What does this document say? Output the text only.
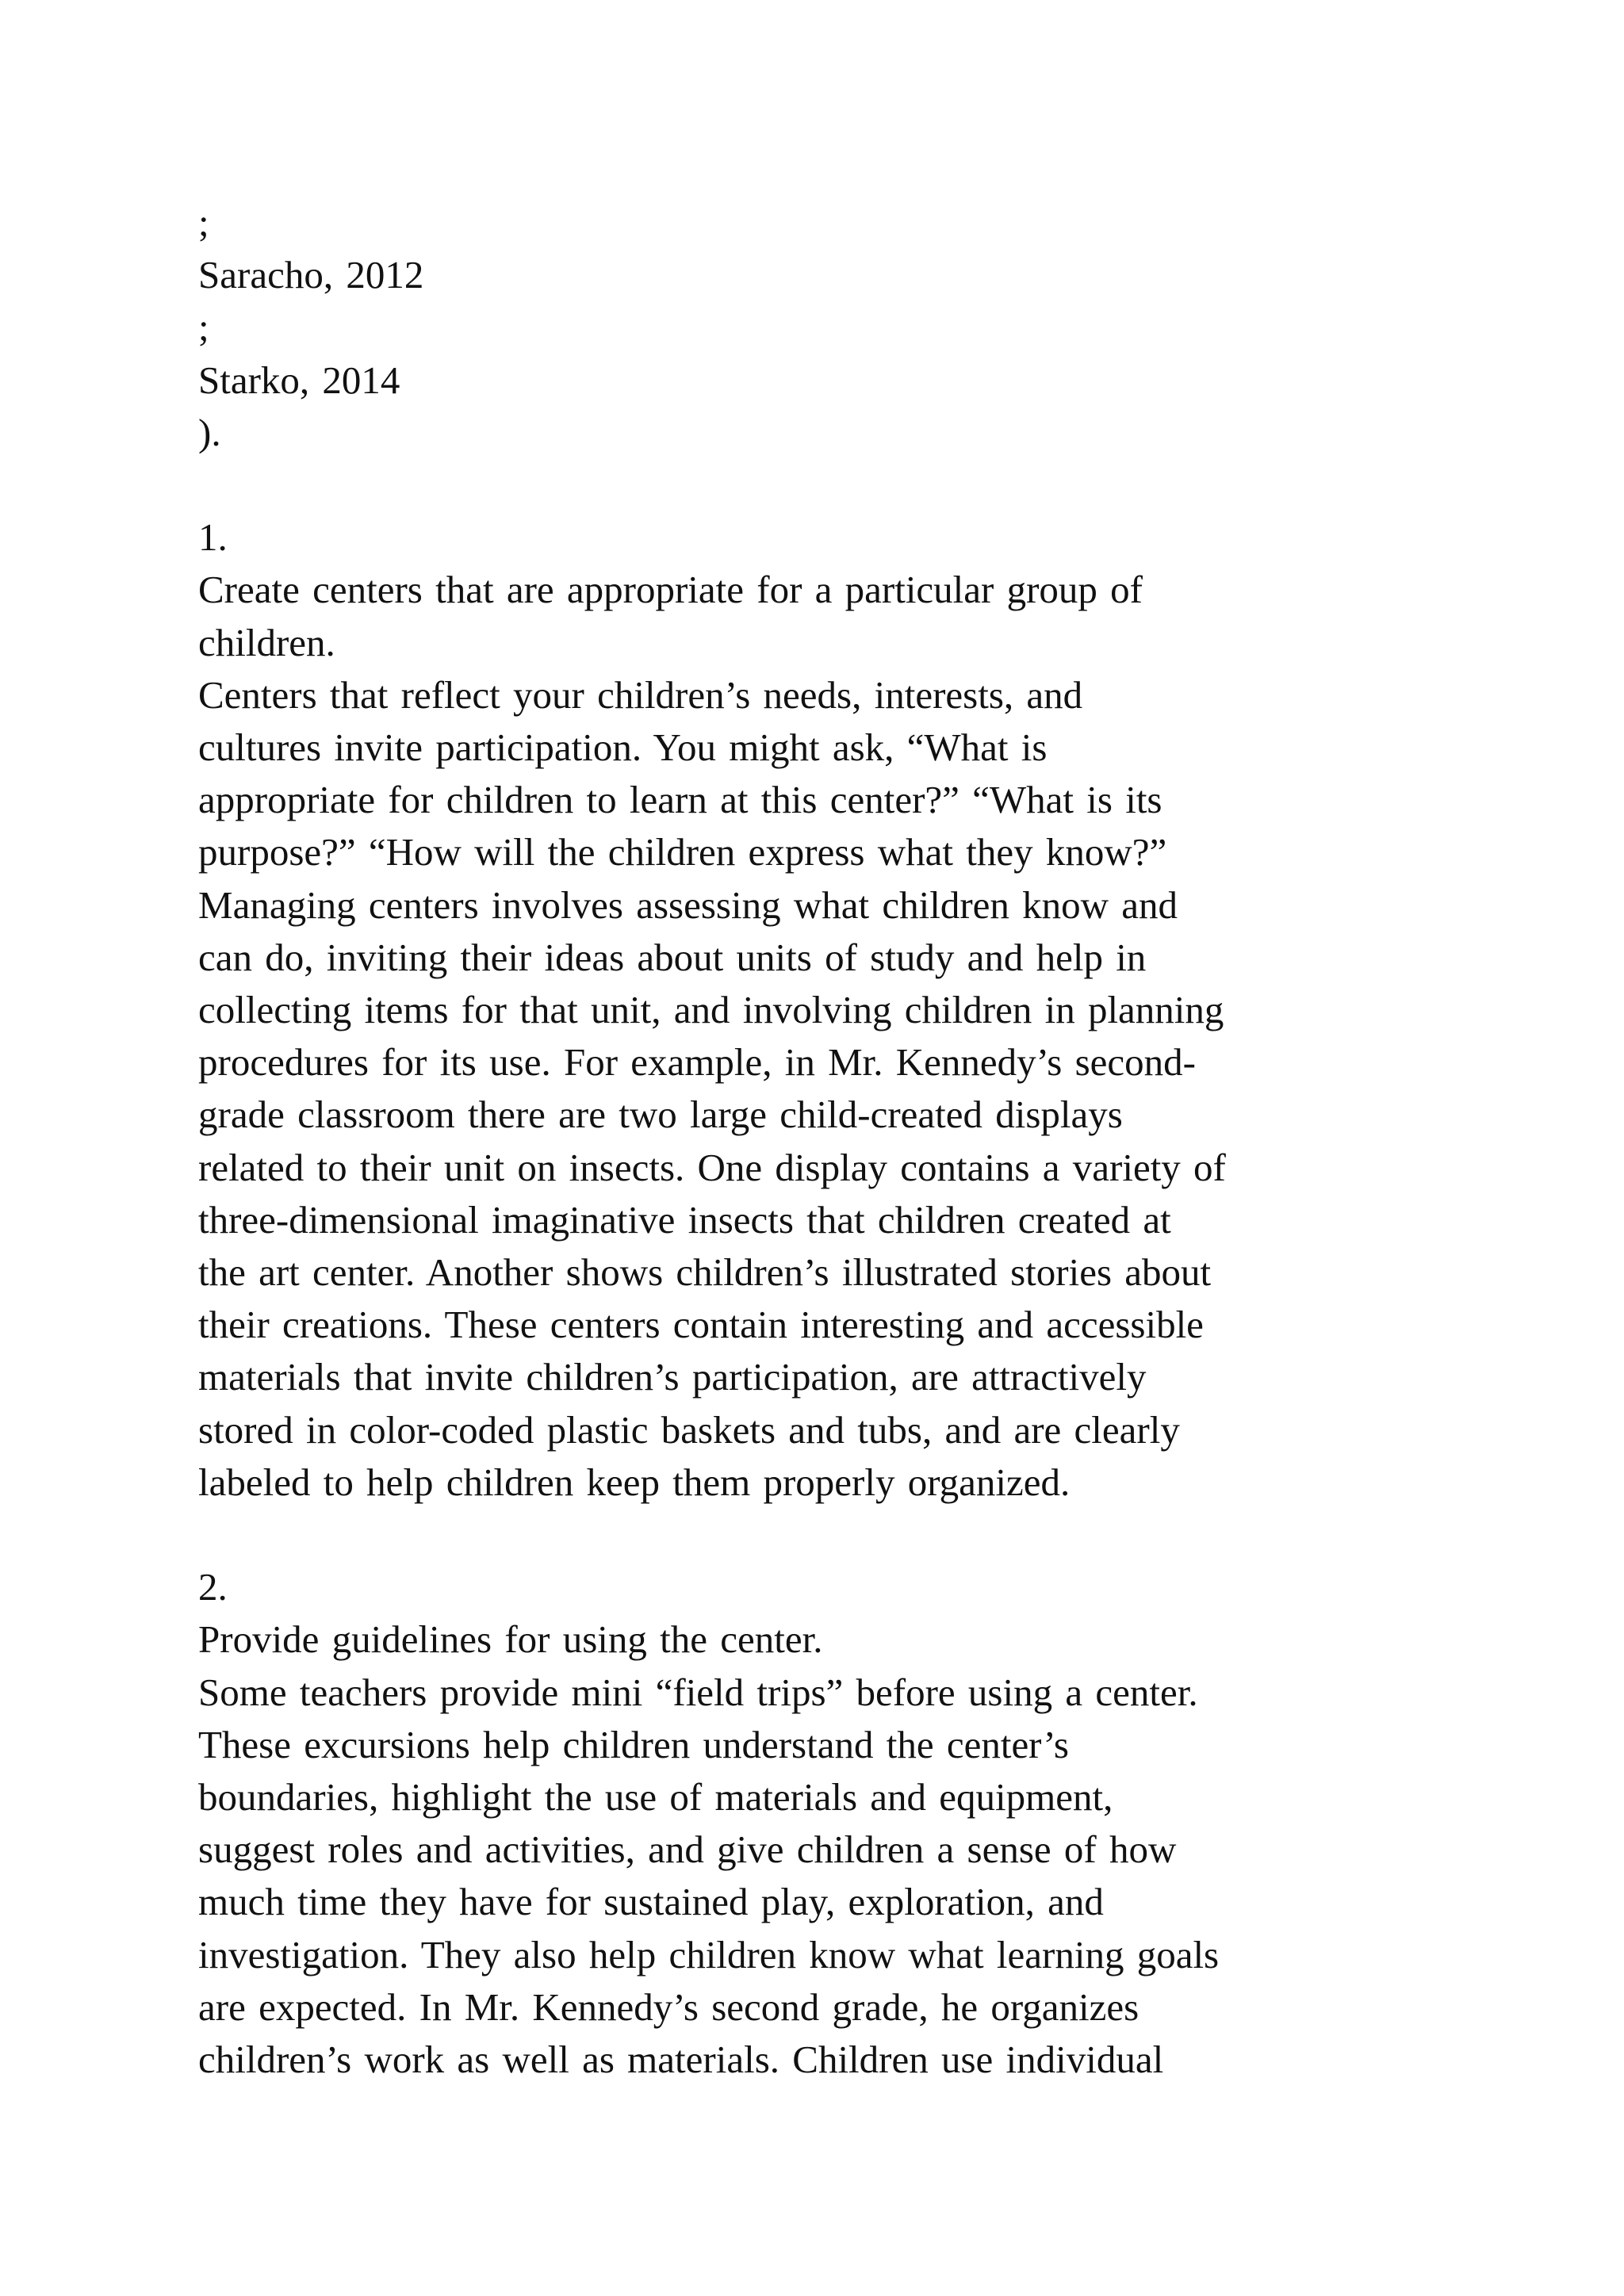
;
Saracho, 2012
;
Starko, 2014
).
1.
Create centers that are appropriate for a particular group of
children.
Centers that reflect your children’s needs, interests, and
cultures invite participation. You might ask, “What is
appropriate for children to learn at this center?” “What is its
purpose?” “How will the children express what they know?”
Managing centers involves assessing what children know and
can do, inviting their ideas about units of study and help in
collecting items for that unit, and involving children in planning
procedures for its use. For example, in Mr. Kennedy’s second-
grade classroom there are two large child-created displays
related to their unit on insects. One display contains a variety of
three-dimensional imaginative insects that children created at
the art center. Another shows children’s illustrated stories about
their creations. These centers contain interesting and accessible
materials that invite children’s participation, are attractively
stored in color-coded plastic baskets and tubs, and are clearly
labeled to help children keep them properly organized.
2.
Provide guidelines for using the center.
Some teachers provide mini “field trips” before using a center.
These excursions help children understand the center’s
boundaries, highlight the use of materials and equipment,
suggest roles and activities, and give children a sense of how
much time they have for sustained play, exploration, and
investigation. They also help children know what learning goals
are expected. In Mr. Kennedy’s second grade, he organizes
children’s work as well as materials. Children use individual
